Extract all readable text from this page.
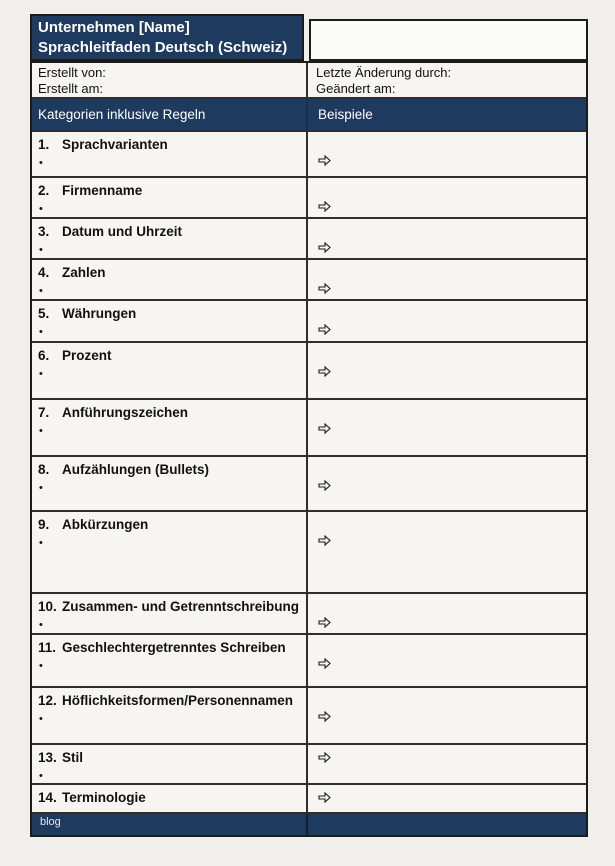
Unternehmen [Name]
Sprachleitfaden Deutsch (Schweiz)
Erstellt von:
Erstellt am:
Letzte Änderung durch:
Geändert am:
Kategorien inklusive Regeln	Beispiele
1. Sprachvarianten
•
2. Firmenname
•
3. Datum und Uhrzeit
•
4. Zahlen
•
5. Währungen
•
6. Prozent
•
7. Anführungszeichen
•
8. Aufzählungen (Bullets)
•
9. Abkürzungen
•
10. Zusammen- und Getrenntschreibung
•
11. Geschlechtergetrenntes Schreiben
•
12. Höflichkeitsformen/Personennamen
•
13. Stil
•
14. Terminologie
blog
